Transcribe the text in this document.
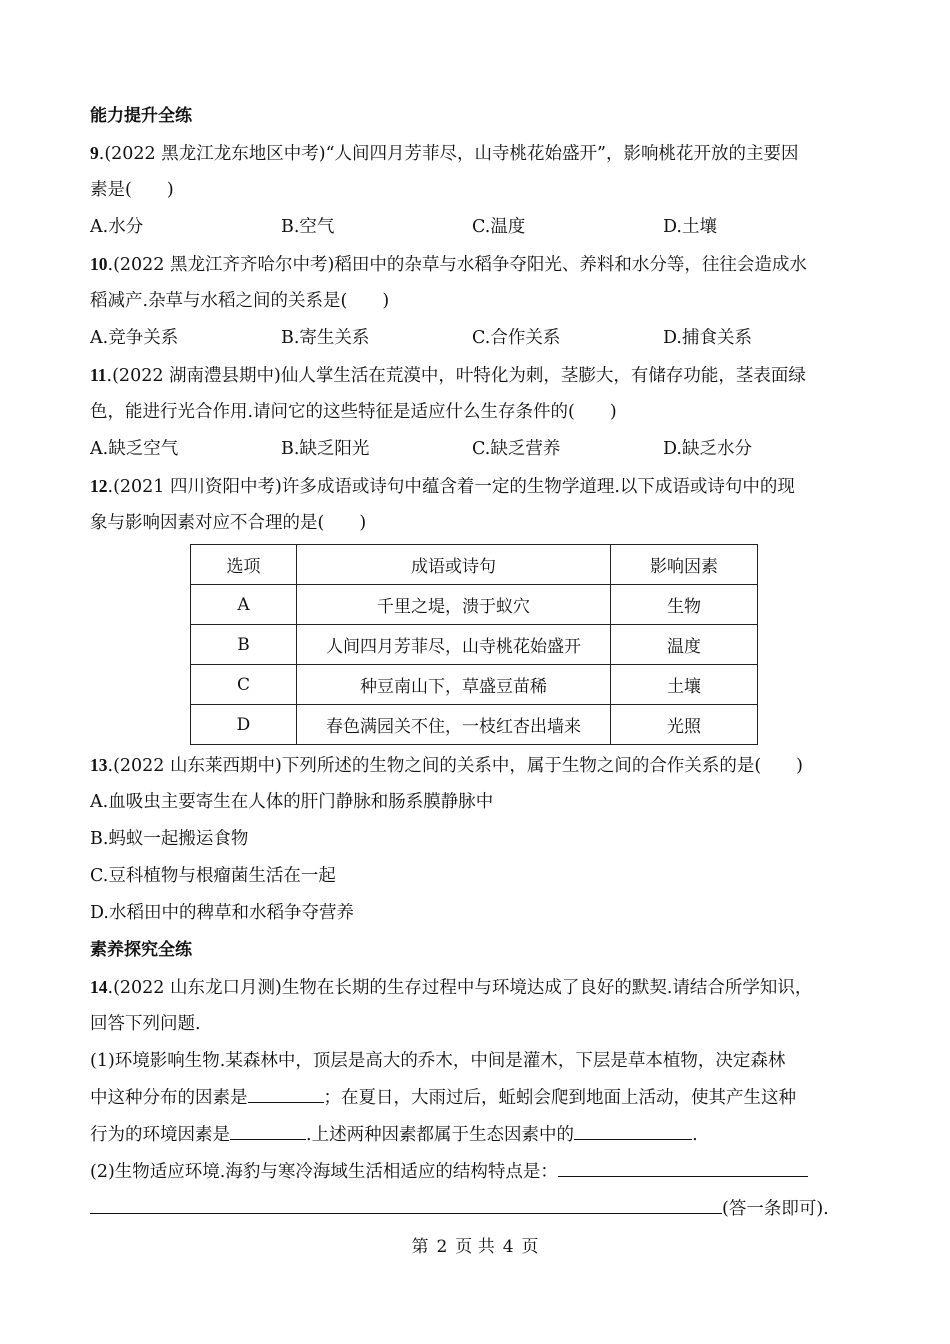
能力提升全练
9.(2022 黑龙江龙东地区中考)“人间四月芳菲尽，山寺桃花始盛开”，影响桃花开放的主要因
素是(　　)
A.水分	B.空气	C.温度	D.土壤
10.(2022 黑龙江齐齐哈尔中考)稻田中的杂草与水稻争夺阳光、养料和水分等，往往会造成水
稻减产.杂草与水稻之间的关系是(　　)
A.竞争关系	B.寄生关系	C.合作关系	D.捕食关系
11.(2022 湖南澧县期中)仙人掌生活在荒漠中，叶特化为刺，茎膨大，有储存功能，茎表面绿
色，能进行光合作用.请问它的这些特征是适应什么生存条件的(　　)
A.缺乏空气	B.缺乏阳光	C.缺乏营养	D.缺乏水分
12.(2021 四川资阳中考)许多成语或诗句中蕴含着一定的生物学道理.以下成语或诗句中的现
象与影响因素对应不合理的是(　　)
选项	成语或诗句	影响因素
A	千里之堤，溃于蚁穴	生物
B	人间四月芳菲尽，山寺桃花始盛开	温度
C	种豆南山下，草盛豆苗稀	土壤
D	春色满园关不住，一枝红杏出墙来	光照
13.(2022 山东莱西期中)下列所述的生物之间的关系中，属于生物之间的合作关系的是(　　)
A.血吸虫主要寄生在人体的肝门静脉和肠系膜静脉中
B.蚂蚁一起搬运食物
C.豆科植物与根瘤菌生活在一起
D.水稻田中的稗草和水稻争夺营养
素养探究全练
14.(2022 山东龙口月测)生物在长期的生存过程中与环境达成了良好的默契.请结合所学知识，
回答下列问题.
(1)环境影响生物.某森林中，顶层是高大的乔木，中间是灌木，下层是草本植物，决定森林
中这种分布的因素是	；在夏日，大雨过后，蚯蚓会爬到地面上活动，使其产生这种
行为的环境因素是	.上述两种因素都属于生态因素中的	.
(2)生物适应环境.海豹与寒冷海域生活相适应的结构特点是：
(答一条即可).
第 2 页 共 4 页
